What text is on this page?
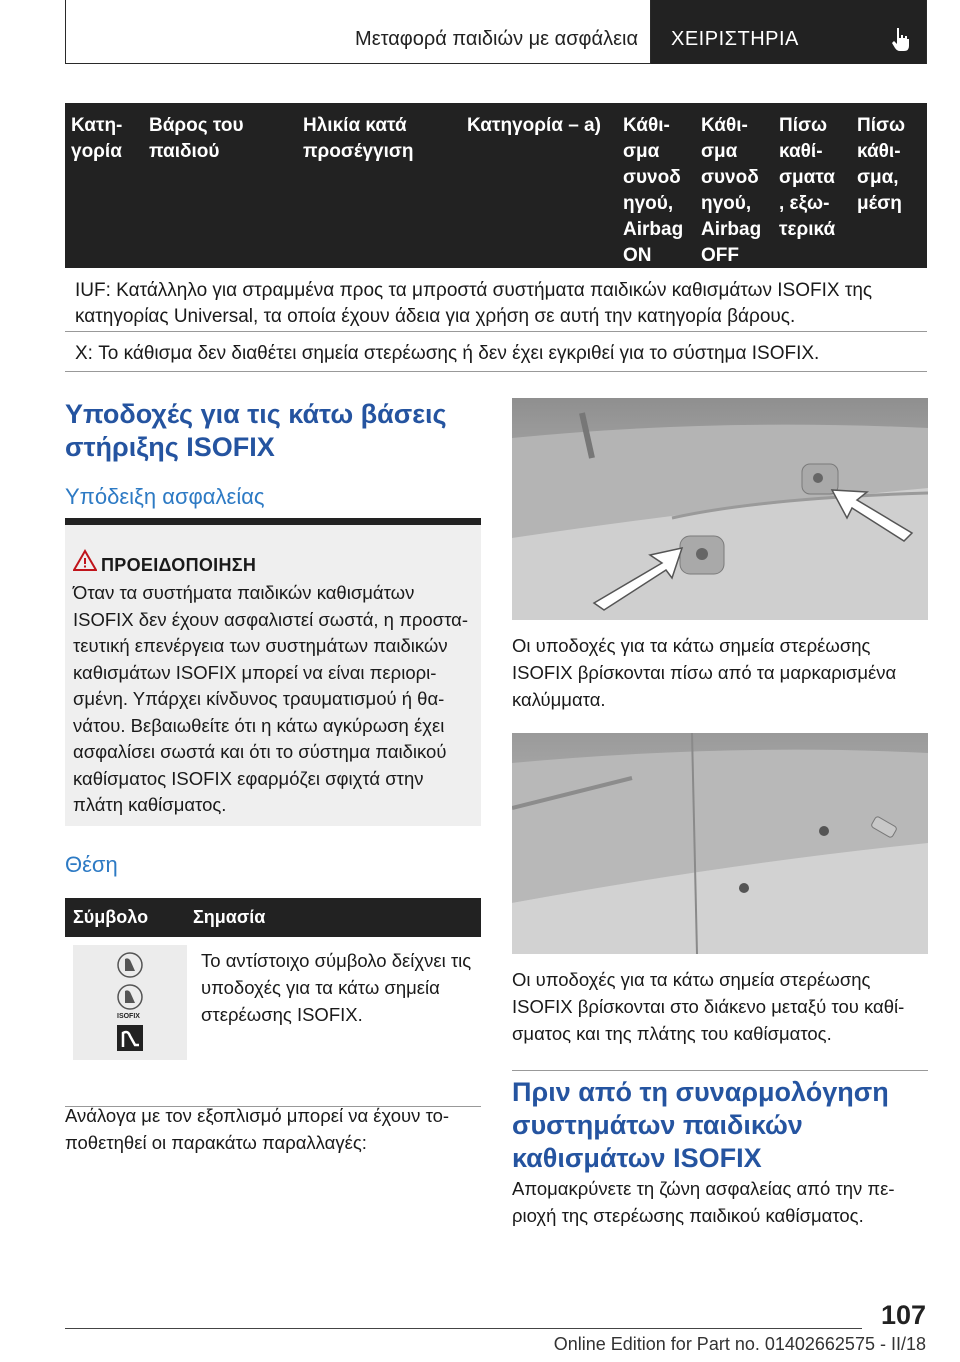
Μεταφορά παιδιών με ασφάλεια ΧΕΙΡΙΣΤΗΡΙΑ
Κατη-
γορία
Βάρος του
παιδιού
Ηλικία κατά
προσέγγιση
Κατηγορία – a)	Κάθι-
σμα
συνοδ
ηγού,
Airbag
ON
Κάθι-
σμα
συνοδ
ηγού,
Airbag
OFF
Πίσω
καθί-
σματα
, εξω-
τερικά
Πίσω
κάθι-
σμα,
μέση
IUF: Κατάλληλο για στραμμένα προς τα μπροστά συστήματα παιδικών καθισμάτων ISOFIX της κατηγορίας Universal, τα οποία έχουν άδεια για χρήση σε αυτή την κατηγορία βάρους.
X: Το κάθισμα δεν διαθέτει σημεία στερέωσης ή δεν έχει εγκριθεί για το σύστημα ISOFIX.
Υποδοχές για τις κάτω βάσεις στήριξης ISOFIX
Υπόδειξη ασφαλείας
ΠΡΟΕΙΔΟΠΟΙΗΣΗ
Όταν τα συστήματα παιδικών καθισμάτων ISOFIX δεν έχουν ασφαλιστεί σωστά, η προστα-τευτική επενέργεια των συστημάτων παιδικών καθισμάτων ISOFIX μπορεί να είναι περιορι-σμένη. Υπάρχει κίνδυνος τραυματισμού ή θα-νάτου. Βεβαιωθείτε ότι η κάτω αγκύρωση έχει ασφαλίσει σωστά και ότι το σύστημα παιδικού καθίσματος ISOFIX εφαρμόζει σφιχτά στην πλάτη καθίσματος.
Θέση
Σύμβολο	Σημασία
ISOFIX
Το αντίστοιχο σύμβολο δείχνει τις υποδοχές για τα κάτω σημεία στερέωσης ISOFIX.
Ανάλογα με τον εξοπλισμό μπορεί να έχουν το-ποθετηθεί οι παρακάτω παραλλαγές:
Οι υποδοχές για τα κάτω σημεία στερέωσης ISOFIX βρίσκονται πίσω από τα μαρκαρισμένα καλύμματα.
Οι υποδοχές για τα κάτω σημεία στερέωσης ISOFIX βρίσκονται στο διάκενο μεταξύ του καθί-σματος και της πλάτης του καθίσματος.
Πριν από τη συναρμολόγηση συστημάτων παιδικών καθισμάτων ISOFIX
Απομακρύνετε τη ζώνη ασφαλείας από την πε-ριοχή της στερέωσης παιδικού καθίσματος.
107
Online Edition for Part no. 01402662575 - II/18
